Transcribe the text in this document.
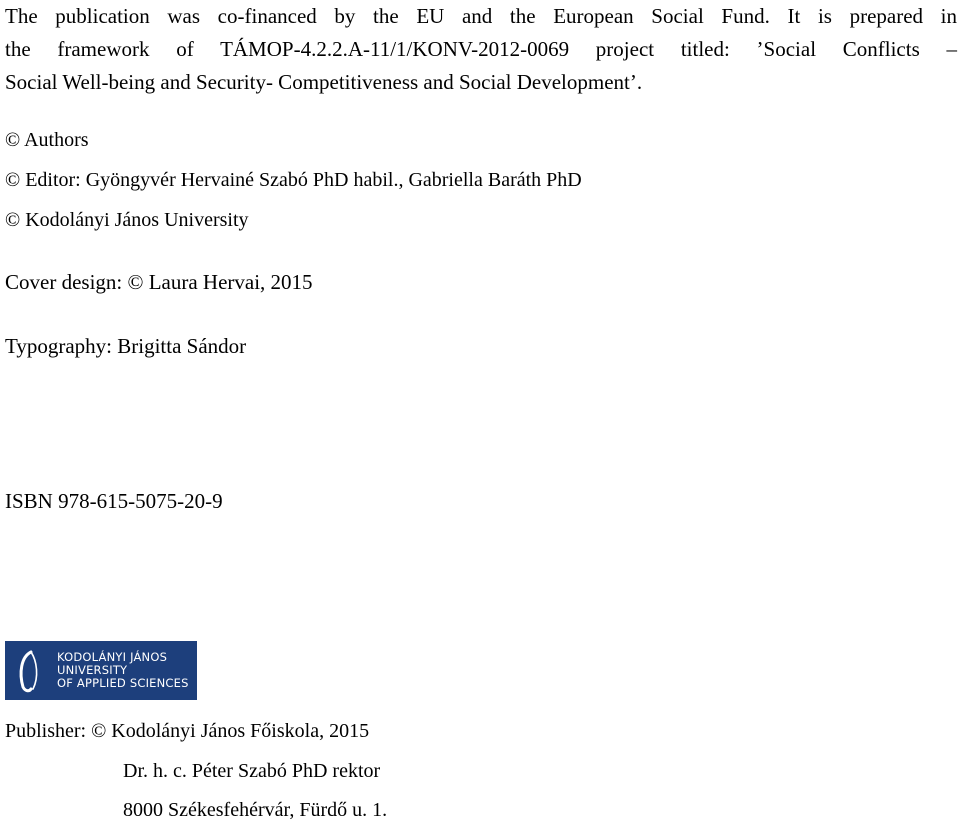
The publication was co-financed by the EU and the European Social Fund. It is prepared in
the framework of TÁMOP-4.2.2.A-11/1/KONV-2012-0069 project titled: ’Social Conflicts –
Social Well-being and Security- Competitiveness and Social Development’.
© Authors
© Editor: Gyöngyvér Hervainé Szabó PhD habil., Gabriella Baráth PhD
© Kodolányi János University
Cover design: © Laura Hervai, 2015
Typography: Brigitta Sándor
ISBN 978-615-5075-20-9
KODOLÁNYI JÁNOS
UNIVERSITY
OF APPLIED SCIENCES
Publisher: © Kodolányi János Főiskola, 2015
Dr. h. c. Péter Szabó PhD rektor
8000 Székesfehérvár, Fürdő u. 1.
